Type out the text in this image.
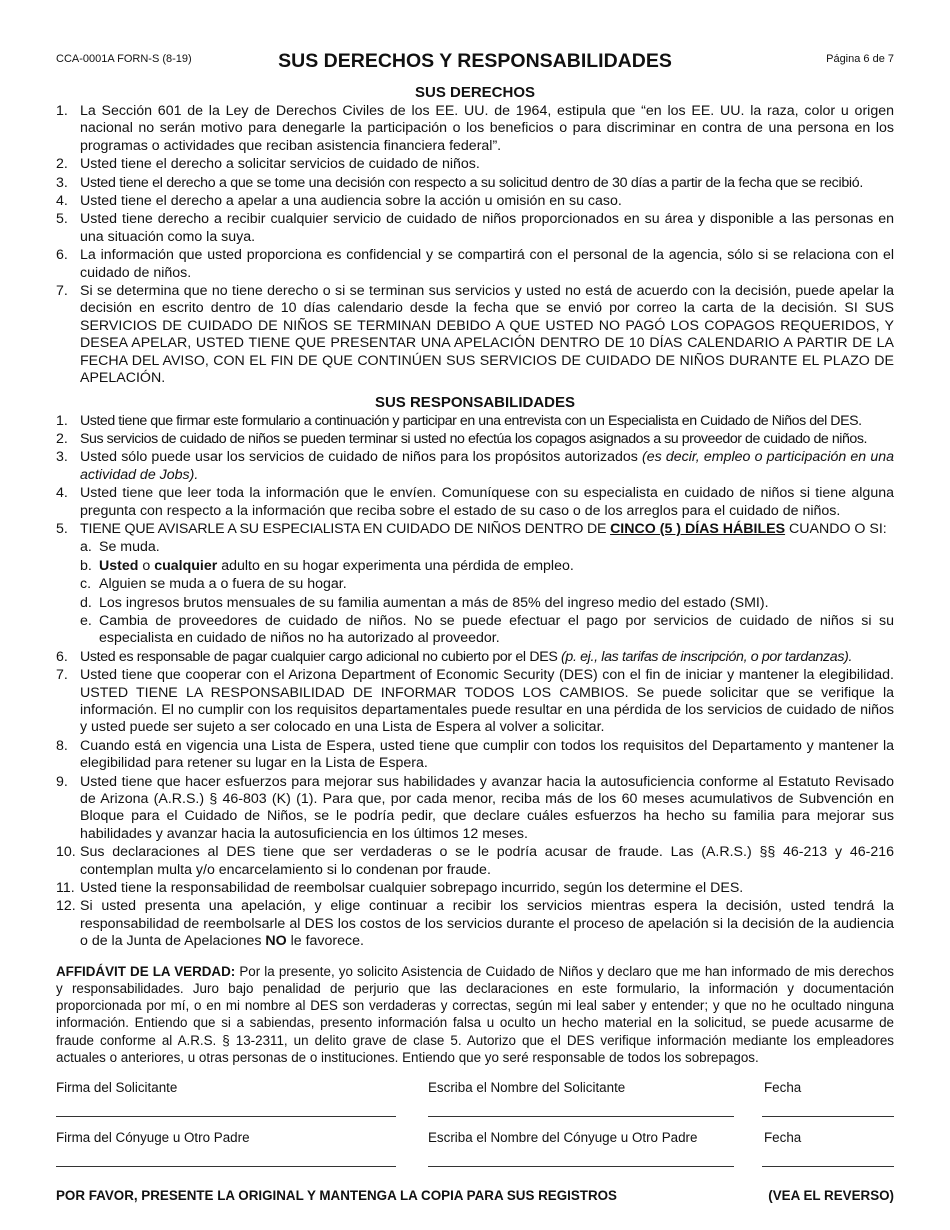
CCA-0001A FORN-S (8-19)	SUS DERECHOS Y RESPONSABILIDADES	Página 6 de 7
SUS DERECHOS
1. La Sección 601 de la Ley de Derechos Civiles de los EE. UU. de 1964, estipula que “en los EE. UU. la raza, color u origen nacional no serán motivo para denegarle la participación o los beneficios o para discriminar en contra de una persona en los programas o actividades que reciban asistencia financiera federal”.
2. Usted tiene el derecho a solicitar servicios de cuidado de niños.
3. Usted tiene el derecho a que se tome una decisión con respecto a su solicitud dentro de 30 días a partir de la fecha que se recibió.
4. Usted tiene el derecho a apelar a una audiencia sobre la acción u omisión en su caso.
5. Usted tiene derecho a recibir cualquier servicio de cuidado de niños proporcionados en su área y disponible a las personas en una situación como la suya.
6. La información que usted proporciona es confidencial y se compartirá con el personal de la agencia, sólo si se relaciona con el cuidado de niños.
7. Si se determina que no tiene derecho o si se terminan sus servicios y usted no está de acuerdo con la decisión, puede apelar la decisión en escrito dentro de 10 días calendario desde la fecha que se envió por correo la carta de la decisión. SI SUS SERVICIOS DE CUIDADO DE NIÑOS SE TERMINAN DEBIDO A QUE USTED NO PAGÓ LOS COPAGOS REQUERIDOS, Y DESEA APELAR, USTED TIENE QUE PRESENTAR UNA APELACIÓN DENTRO DE 10 DÍAS CALENDARIO A PARTIR DE LA FECHA DEL AVISO, CON EL FIN DE QUE CONTINÚEN SUS SERVICIOS DE CUIDADO DE NIÑOS DURANTE EL PLAZO DE APELACIÓN.
SUS RESPONSABILIDADES
1. Usted tiene que firmar este formulario a continuación y participar en una entrevista con un Especialista en Cuidado de Niños del DES.
2. Sus servicios de cuidado de niños se pueden terminar si usted no efectúa los copagos asignados a su proveedor de cuidado de niños.
3. Usted sólo puede usar los servicios de cuidado de niños para los propósitos autorizados (es decir, empleo o participación en una actividad de Jobs).
4. Usted tiene que leer toda la información que le envíen. Comuníquese con su especialista en cuidado de niños si tiene alguna pregunta con respecto a la información que reciba sobre el estado de su caso o de los arreglos para el cuidado de niños.
5. TIENE QUE AVISARLE A SU ESPECIALISTA EN CUIDADO DE NIÑOS DENTRO DE CINCO (5 ) DÍAS HÁBILES CUANDO O SI:
a. Se muda.
b. Usted o cualquier adulto en su hogar experimenta una pérdida de empleo.
c. Alguien se muda a o fuera de su hogar.
d. Los ingresos brutos mensuales de su familia aumentan a más de 85% del ingreso medio del estado (SMI).
e. Cambia de proveedores de cuidado de niños. No se puede efectuar el pago por servicios de cuidado de niños si su especialista en cuidado de niños no ha autorizado al proveedor.
6. Usted es responsable de pagar cualquier cargo adicional no cubierto por el DES (p. ej., las tarifas de inscripción, o por tardanzas).
7. Usted tiene que cooperar con el Arizona Department of Economic Security (DES) con el fin de iniciar y mantener la elegibilidad. USTED TIENE LA RESPONSABILIDAD DE INFORMAR TODOS LOS CAMBIOS. Se puede solicitar que se verifique la información. El no cumplir con los requisitos departamentales puede resultar en una pérdida de los servicios de cuidado de niños y usted puede ser sujeto a ser colocado en una Lista de Espera al volver a solicitar.
8. Cuando está en vigencia una Lista de Espera, usted tiene que cumplir con todos los requisitos del Departamento y mantener la elegibilidad para retener su lugar en la Lista de Espera.
9. Usted tiene que hacer esfuerzos para mejorar sus habilidades y avanzar hacia la autosuficiencia conforme al Estatuto Revisado de Arizona (A.R.S.) § 46-803 (K) (1). Para que, por cada menor, reciba más de los 60 meses acumulativos de Subvención en Bloque para el Cuidado de Niños, se le podría pedir, que declare cuáles esfuerzos ha hecho su familia para mejorar sus habilidades y avanzar hacia la autosuficiencia en los últimos 12 meses.
10. Sus declaraciones al DES tiene que ser verdaderas o se le podría acusar de fraude. Las (A.R.S.) §§ 46-213 y 46-216 contemplan multa y/o encarcelamiento si lo condenan por fraude.
11. Usted tiene la responsabilidad de reembolsar cualquier sobrepago incurrido, según los determine el DES.
12. Si usted presenta una apelación, y elige continuar a recibir los servicios mientras espera la decisión, usted tendrá la responsabilidad de reembolsarle al DES los costos de los servicios durante el proceso de apelación si la decisión de la audiencia o de la Junta de Apelaciones NO le favorece.
AFFIDÁVIT DE LA VERDAD: Por la presente, yo solicito Asistencia de Cuidado de Niños y declaro que me han informado de mis derechos y responsabilidades. Juro bajo penalidad de perjurio que las declaraciones en este formulario, la información y documentación proporcionada por mí, o en mi nombre al DES son verdaderas y correctas, según mi leal saber y entender; y que no he ocultado ninguna información. Entiendo que si a sabiendas, presento información falsa u oculto un hecho material en la solicitud, se puede acusarme de fraude conforme al A.R.S. § 13-2311, un delito grave de clase 5. Autorizo que el DES verifique información mediante los empleadores actuales o anteriores, u otras personas de o instituciones. Entiendo que yo seré responsable de todos los sobrepagos.
Firma del Solicitante	Escriba el Nombre del Solicitante	Fecha
Firma del Cónyuge u Otro Padre	Escriba el Nombre del Cónyuge u Otro Padre	Fecha
POR FAVOR, PRESENTE LA ORIGINAL Y MANTENGA LA COPIA PARA SUS REGISTROS	(VEA EL REVERSO)
